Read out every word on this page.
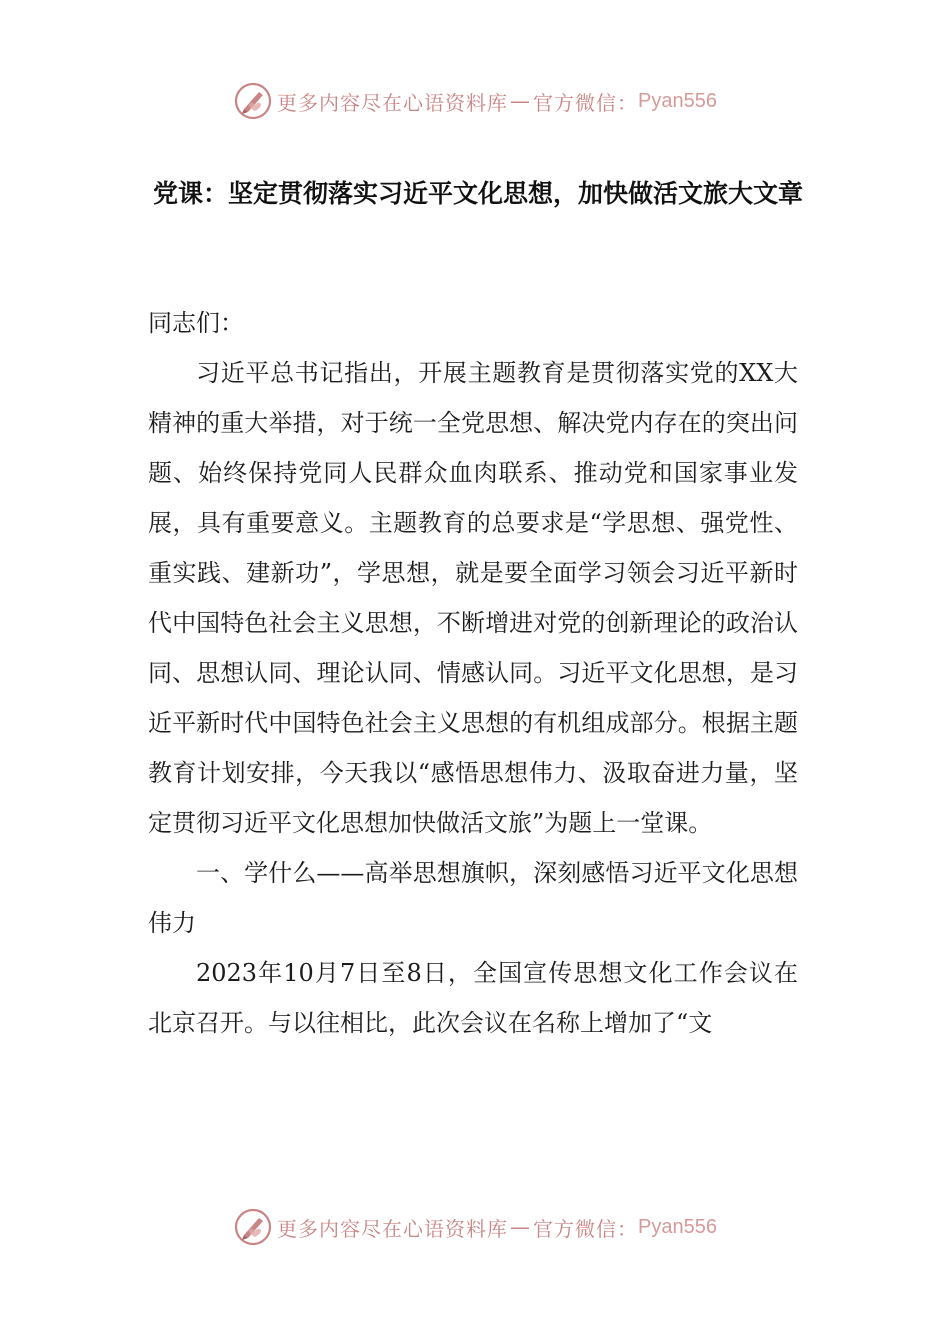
更多内容尽在心语资料库 — 官方微信： Pyan556
党课：坚定贯彻落实习近平文化思想，加快做活文旅大文章

同志们：

习近平总书记指出，开展主题教育是贯彻落实党的XX大精神的重大举措，对于统一全党思想、解决党内存在的突出问题、始终保持党同人民群众血肉联系、推动党和国家事业发展，具有重要意义。主题教育的总要求是“学思想、强党性、重实践、建新功”，学思想，就是要全面学习领会习近平新时代中国特色社会主义思想，不断增进对党的创新理论的政治认同、思想认同、理论认同、情感认同。习近平文化思想，是习近平新时代中国特色社会主义思想的有机组成部分。根据主题教育计划安排，今天我以“感悟思想伟力、汲取奋进力量，坚定贯彻习近平文化思想加快做活文旅”为题上一堂课。

一、学什么——高举思想旗帜，深刻感悟习近平文化思想伟力

2023年10月7日至8日，全国宣传思想文化工作会议在北京召开。与以往相比，此次会议在名称上增加了“文

更多内容尽在心语资料库 — 官方微信： Pyan556
